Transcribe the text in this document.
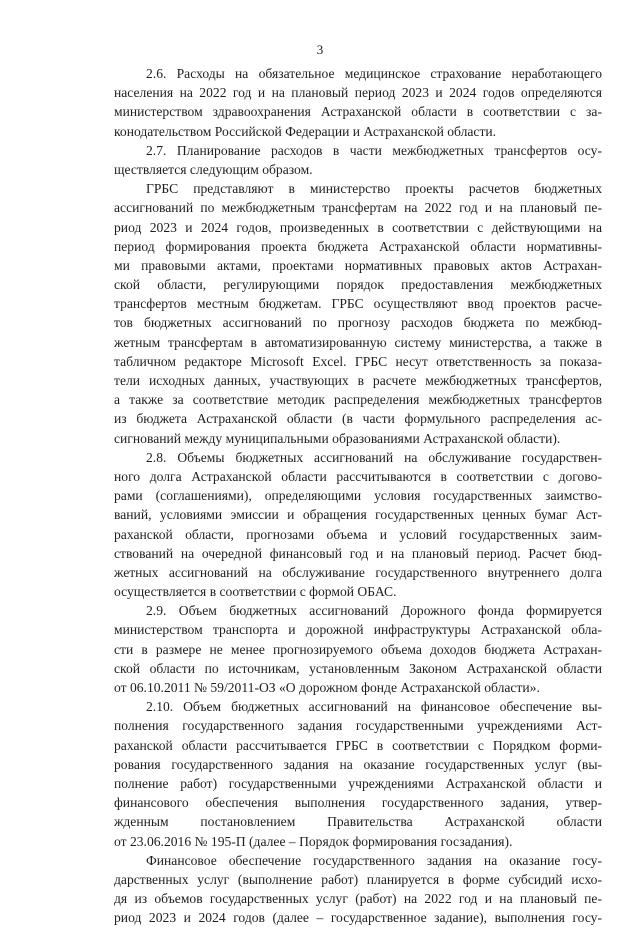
3
2.6. Расходы на обязательное медицинское страхование неработающего
населения на 2022 год и на плановый период 2023 и 2024 годов определяются
министерством здравоохранения Астраханской области в соответствии с за-
конодательством Российской Федерации и Астраханской области.
2.7. Планирование расходов в части межбюджетных трансфертов осу-
ществляется следующим образом.
ГРБС представляют в министерство проекты расчетов бюджетных
ассигнований по межбюджетным трансфертам на 2022 год и на плановый пе-
риод 2023 и 2024 годов, произведенных в соответствии с действующими на
период формирования проекта бюджета Астраханской области нормативны-
ми правовыми актами, проектами нормативных правовых актов Астрахан-
ской области, регулирующими порядок предоставления межбюджетных
трансфертов местным бюджетам. ГРБС осуществляют ввод проектов расче-
тов бюджетных ассигнований по прогнозу расходов бюджета по межбюд-
жетным трансфертам в автоматизированную систему министерства, а также в
табличном редакторе Microsoft Excel. ГРБС несут ответственность за показа-
тели исходных данных, участвующих в расчете межбюджетных трансфертов,
а также за соответствие методик распределения межбюджетных трансфертов
из бюджета Астраханской области (в части формульного распределения ас-
сигнований между муниципальными образованиями Астраханской области).
2.8. Объемы бюджетных ассигнований на обслуживание государствен-
ного долга Астраханской области рассчитываются в соответствии с догово-
рами (соглашениями), определяющими условия государственных заимство-
ваний, условиями эмиссии и обращения государственных ценных бумаг Аст-
раханской области, прогнозами объема и условий государственных заим-
ствований на очередной финансовый год и на плановый период. Расчет бюд-
жетных ассигнований на обслуживание государственного внутреннего долга
осуществляется в соответствии с формой ОБАС.
2.9. Объем бюджетных ассигнований Дорожного фонда формируется
министерством транспорта и дорожной инфраструктуры Астраханской обла-
сти в размере не менее прогнозируемого объема доходов бюджета Астрахан-
ской области по источникам, установленным Законом Астраханской области
от 06.10.2011 № 59/2011-ОЗ «О дорожном фонде Астраханской области».
2.10. Объем бюджетных ассигнований на финансовое обеспечение вы-
полнения государственного задания государственными учреждениями Аст-
раханской области рассчитывается ГРБС в соответствии с Порядком форми-
рования государственного задания на оказание государственных услуг (вы-
полнение работ) государственными учреждениями Астраханской области и
финансового обеспечения выполнения государственного задания, утвер-
жденным постановлением Правительства Астраханской области
от 23.06.2016 № 195-П (далее – Порядок формирования госзадания).
Финансовое обеспечение государственного задания на оказание госу-
дарственных услуг (выполнение работ) планируется в форме субсидий исхо-
дя из объемов государственных услуг (работ) на 2022 год и на плановый пе-
риод 2023 и 2024 годов (далее – государственное задание), выполнения госу-
